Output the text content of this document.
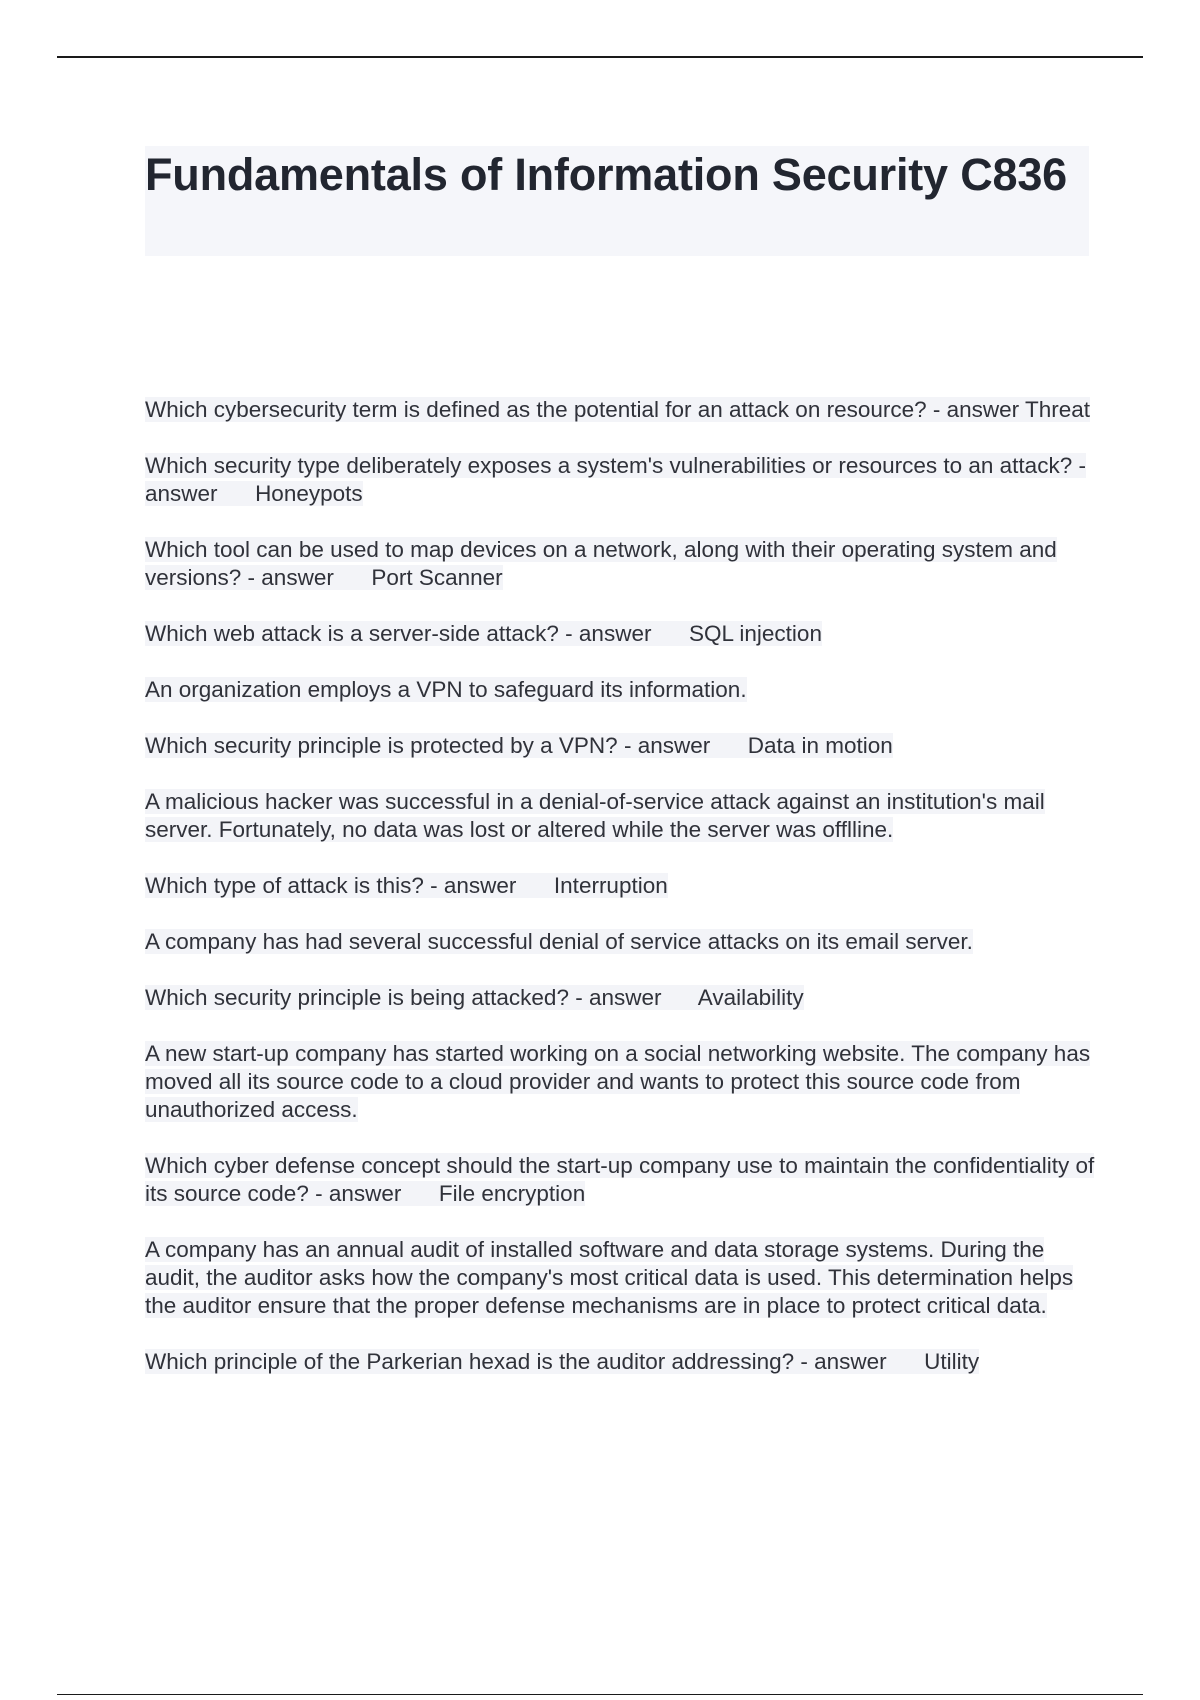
Fundamentals of Information Security C836

Which cybersecurity term is defined as the potential for an attack on resource? - answer Threat

Which security type deliberately exposes a system's vulnerabilities or resources to an attack? - answer Honeypots

Which tool can be used to map devices on a network, along with their operating system and versions? - answer Port Scanner

Which web attack is a server-side attack? - answer SQL injection

An organization employs a VPN to safeguard its information.

Which security principle is protected by a VPN? - answer Data in motion

A malicious hacker was successful in a denial-of-service attack against an institution's mail server. Fortunately, no data was lost or altered while the server was offlline.

Which type of attack is this? - answer Interruption

A company has had several successful denial of service attacks on its email server.

Which security principle is being attacked? - answer Availability

A new start-up company has started working on a social networking website. The company has moved all its source code to a cloud provider and wants to protect this source code from unauthorized access.

Which cyber defense concept should the start-up company use to maintain the confidentiality of its source code? - answer File encryption

A company has an annual audit of installed software and data storage systems. During the audit, the auditor asks how the company's most critical data is used. This determination helps the auditor ensure that the proper defense mechanisms are in place to protect critical data.

Which principle of the Parkerian hexad is the auditor addressing? - answer Utility
